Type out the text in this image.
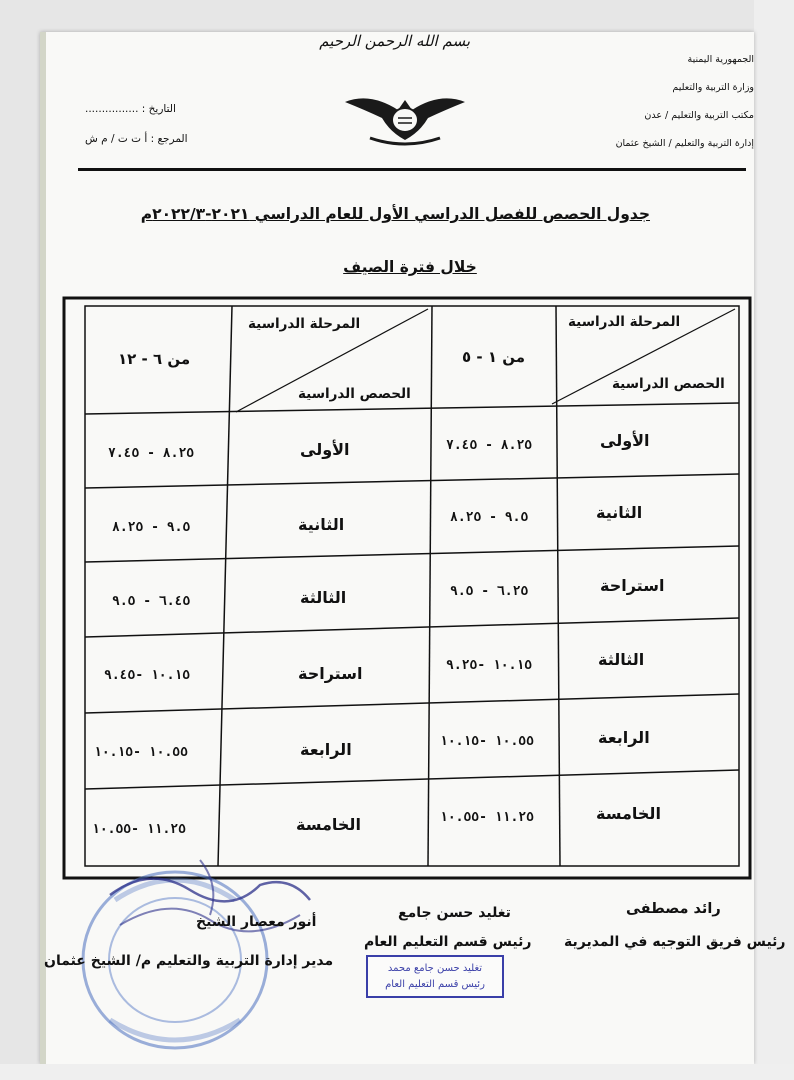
بسم الله الرحمن الرحيم
الجمهورية اليمنية
وزارة التربية والتعليم
مكتب التربية والتعليم / عدن
إدارة التربية والتعليم / الشيخ عثمان
التاريخ : ................
المرجع : أ ت ت / م ش
جدول الحصص للفصل الدراسي الأول للعام الدراسي ٢٠٢١-٢٠٢٢/٣م
خلال فترة الصيف
المرحلة الدراسية
الحصص الدراسية
المرحلة الدراسية
الحصص الدراسية
من ١ - ٥
من ٦ - ١٢
الأولى
٨.٢٥ - ٧.٤٥
الأولى
٨.٢٥ - ٧.٤٥
الثانية
٩.٥ - ٨.٢٥
الثانية
٩.٥ - ٨.٢٥
استراحة
٦.٢٥ - ٩.٥
الثالثة
٦.٤٥ - ٩.٥
الثالثة
١٠.١٥ -٩.٢٥
استراحة
١٠.١٥ -٩.٤٥
الرابعة
١٠.٥٥ -١٠.١٥
الرابعة
١٠.٥٥ -١٠.١٥
الخامسة
١١.٢٥ -١٠.٥٥
الخامسة
١١.٢٥ -١٠.٥٥
رائد مصطفى
رئيس فريق التوجيه في المديرية
تغليد حسن جامع
رئيس قسم التعليم العام
أنور معصار الشيخ
مدير إدارة التربية والتعليم م/ الشيخ عثمان	تغليد حسن جامع محمد
رئيس قسم التعليم العام
